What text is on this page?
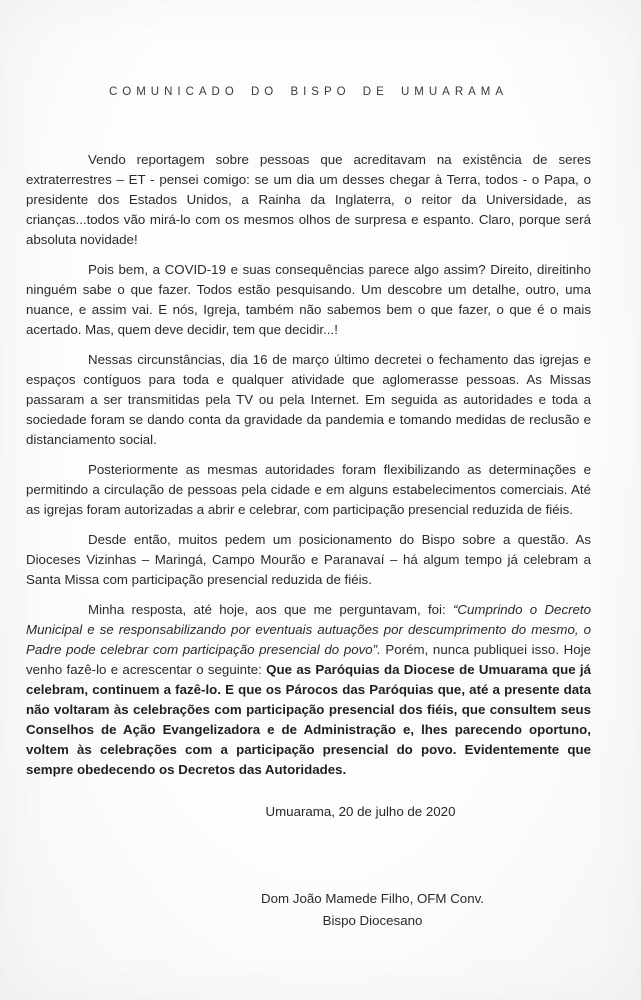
COMUNICADO DO BISPO DE UMUARAMA

Vendo reportagem sobre pessoas que acreditavam na existência de seres extraterrestres – ET - pensei comigo: se um dia um desses chegar à Terra, todos - o Papa, o presidente dos Estados Unidos, a Rainha da Inglaterra, o reitor da Universidade, as crianças...todos vão mirá-lo com os mesmos olhos de surpresa e espanto. Claro, porque será absoluta novidade!

Pois bem, a COVID-19 e suas consequências parece algo assim? Direito, direitinho ninguém sabe o que fazer. Todos estão pesquisando. Um descobre um detalhe, outro, uma nuance, e assim vai. E nós, Igreja, também não sabemos bem o que fazer, o que é o mais acertado. Mas, quem deve decidir, tem que decidir...!

Nessas circunstâncias, dia 16 de março último decretei o fechamento das igrejas e espaços contíguos para toda e qualquer atividade que aglomerasse pessoas. As Missas passaram a ser transmitidas pela TV ou pela Internet. Em seguida as autoridades e toda a sociedade foram se dando conta da gravidade da pandemia e tomando medidas de reclusão e distanciamento social.

Posteriormente as mesmas autoridades foram flexibilizando as determinações e permitindo a circulação de pessoas pela cidade e em alguns estabelecimentos comerciais. Até as igrejas foram autorizadas a abrir e celebrar, com participação presencial reduzida de fiéis.

Desde então, muitos pedem um posicionamento do Bispo sobre a questão. As Dioceses Vizinhas – Maringá, Campo Mourão e Paranavaí – há algum tempo já celebram a Santa Missa com participação presencial reduzida de fiéis.

Minha resposta, até hoje, aos que me perguntavam, foi: “Cumprindo o Decreto Municipal e se responsabilizando por eventuais autuações por descumprimento do mesmo, o Padre pode celebrar com participação presencial do povo”. Porém, nunca publiquei isso. Hoje venho fazê-lo e acrescentar o seguinte: Que as Paróquias da Diocese de Umuarama que já celebram, continuem a fazê-lo. E que os Párocos das Paróquias que, até a presente data não voltaram às celebrações com participação presencial dos fiéis, que consultem seus Conselhos de Ação Evangelizadora e de Administração e, lhes parecendo oportuno, voltem às celebrações com a participação presencial do povo. Evidentemente que sempre obedecendo os Decretos das Autoridades.

Umuarama, 20 de julho de 2020
Dom João Mamede Filho, OFM Conv.
Bispo Diocesano
